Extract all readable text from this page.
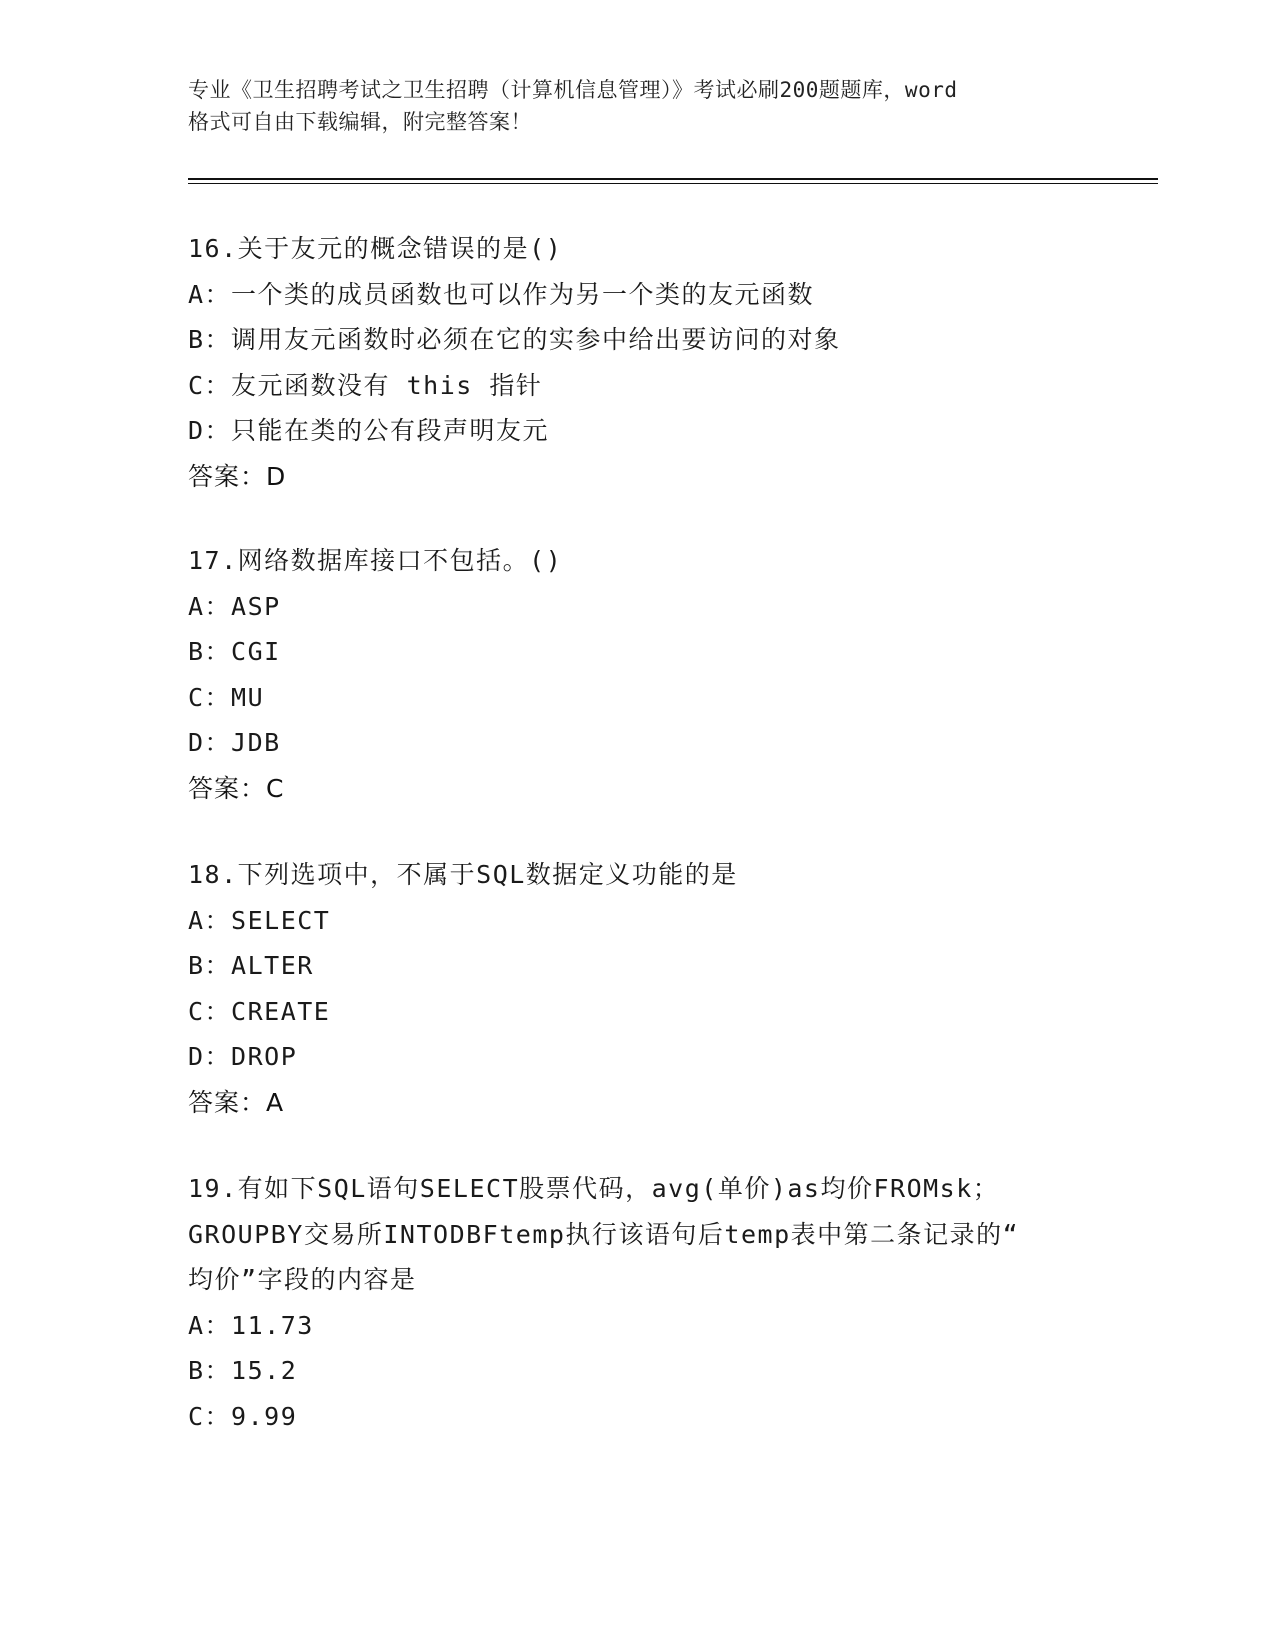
专业《卫生招聘考试之卫生招聘（计算机信息管理）》考试必刷200题题库，word
格式可自由下载编辑，附完整答案！
16.关于友元的概念错误的是()
A：一个类的成员函数也可以作为另一个类的友元函数
B：调用友元函数时必须在它的实参中给出要访问的对象
C：友元函数没有 this 指针
D：只能在类的公有段声明友元
答案：D
17.网络数据库接口不包括。()
A：ASP
B：CGI
C：MU
D：JDB
答案：C
18.下列选项中，不属于SQL数据定义功能的是
A：SELECT
B：ALTER
C：CREATE
D：DROP
答案：A
19.有如下SQL语句SELECT股票代码，avg(单价)as均价FROMsk；
GROUPBY交易所INTODBFtemp执行该语句后temp表中第二条记录的“
均价”字段的内容是
A：11.73
B：15.2
C：9.99
